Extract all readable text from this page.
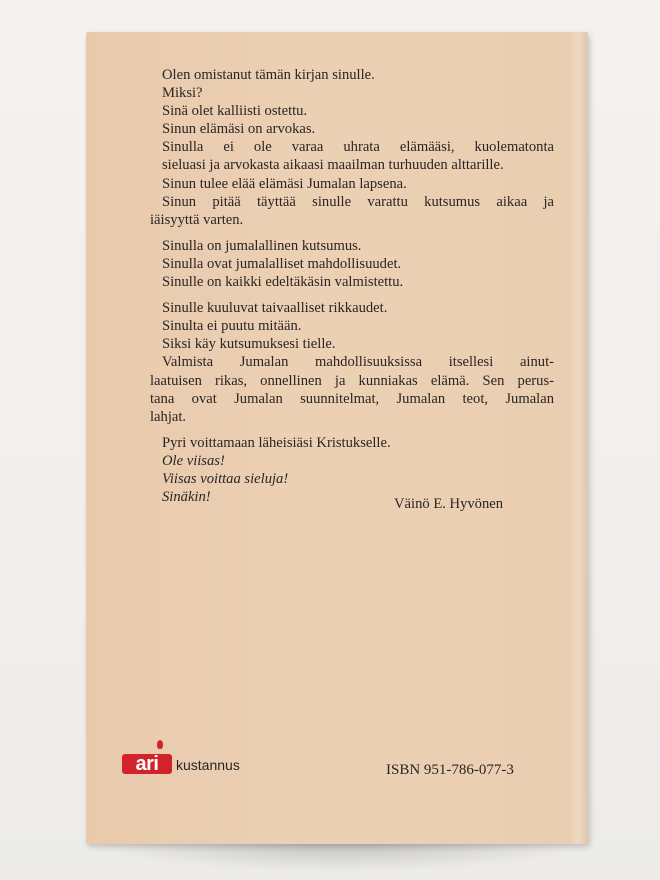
Olen omistanut tämän kirjan sinulle.
Miksi?
Sinä olet kalliisti ostettu.
Sinun elämäsi on arvokas.
Sinulla ei ole varaa uhrata elämääsi, kuolematonta
sieluasi ja arvokasta aikaasi maailman turhuuden alttarille.
Sinun tulee elää elämäsi Jumalan lapsena.
Sinun pitää täyttää sinulle varattu kutsumus aikaa ja
iäisyyttä varten.

Sinulla on jumalallinen kutsumus.
Sinulla ovat jumalalliset mahdollisuudet.
Sinulle on kaikki edeltäkäsin valmistettu.

Sinulle kuuluvat taivaalliset rikkaudet.
Sinulta ei puutu mitään.
Siksi käy kutsumuksesi tielle.
Valmista Jumalan mahdollisuuksissa itsellesi ainut-
laatuisen rikas, onnellinen ja kunniakas elämä. Sen perus-
tana ovat Jumalan suunnitelmat, Jumalan teot, Jumalan
lahjat.

Pyri voittamaan läheisiäsi Kristukselle.
Ole viisas!
Viisas voittaa sieluja!
Sinäkin!	Väinö E. Hyvönen
ari	kustannus	ISBN 951-786-077-3
